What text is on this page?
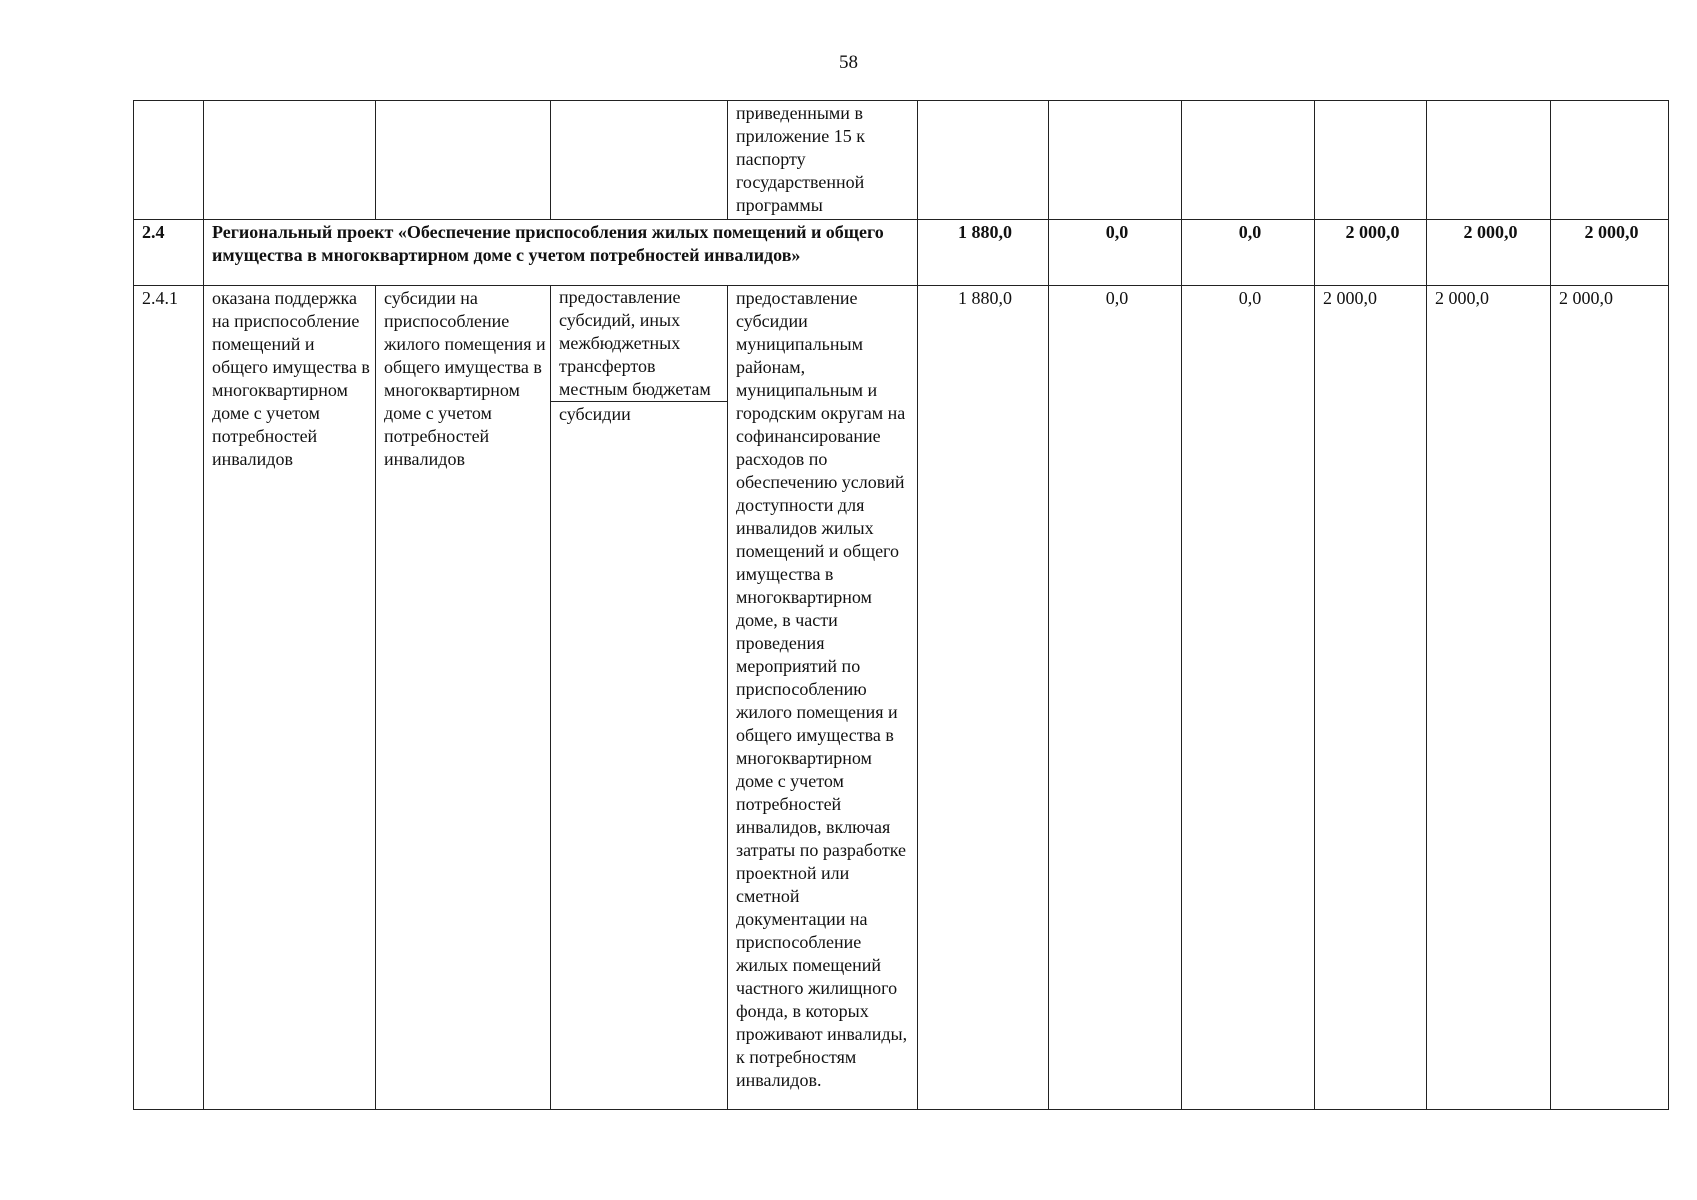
58
				приведенными в приложение 15 к паспорту государственной программы						
2.4	Региональный проект «Обеспечение приспособления жилых помещений и общего имущества в многоквартирном доме с учетом потребностей инвалидов»				1 880,0	0,0	0,0	2 000,0	2 000,0	2 000,0
2.4.1	оказана поддержка на приспособление помещений и общего имущества в многоквартирном доме с учетом потребностей инвалидов	субсидии на приспособление жилого помещения и общего имущества в многоквартирном доме с учетом потребностей инвалидов	предоставление субсидий, иных межбюджетных трансфертов местным бюджетам
субсидии	предоставление субсидии муниципальным районам, муниципальным и городским округам на софинансирование расходов по обеспечению условий доступности для инвалидов жилых помещений и общего имущества в многоквартирном доме, в части проведения мероприятий по приспособлению жилого помещения и общего имущества в многоквартирном доме с учетом потребностей инвалидов, включая затраты по разработке проектной или сметной документации на приспособление жилых помещений частного жилищного фонда, в которых проживают инвалиды, к потребностям инвалидов.	1 880,0	0,0	0,0	2 000,0	2 000,0	2 000,0
